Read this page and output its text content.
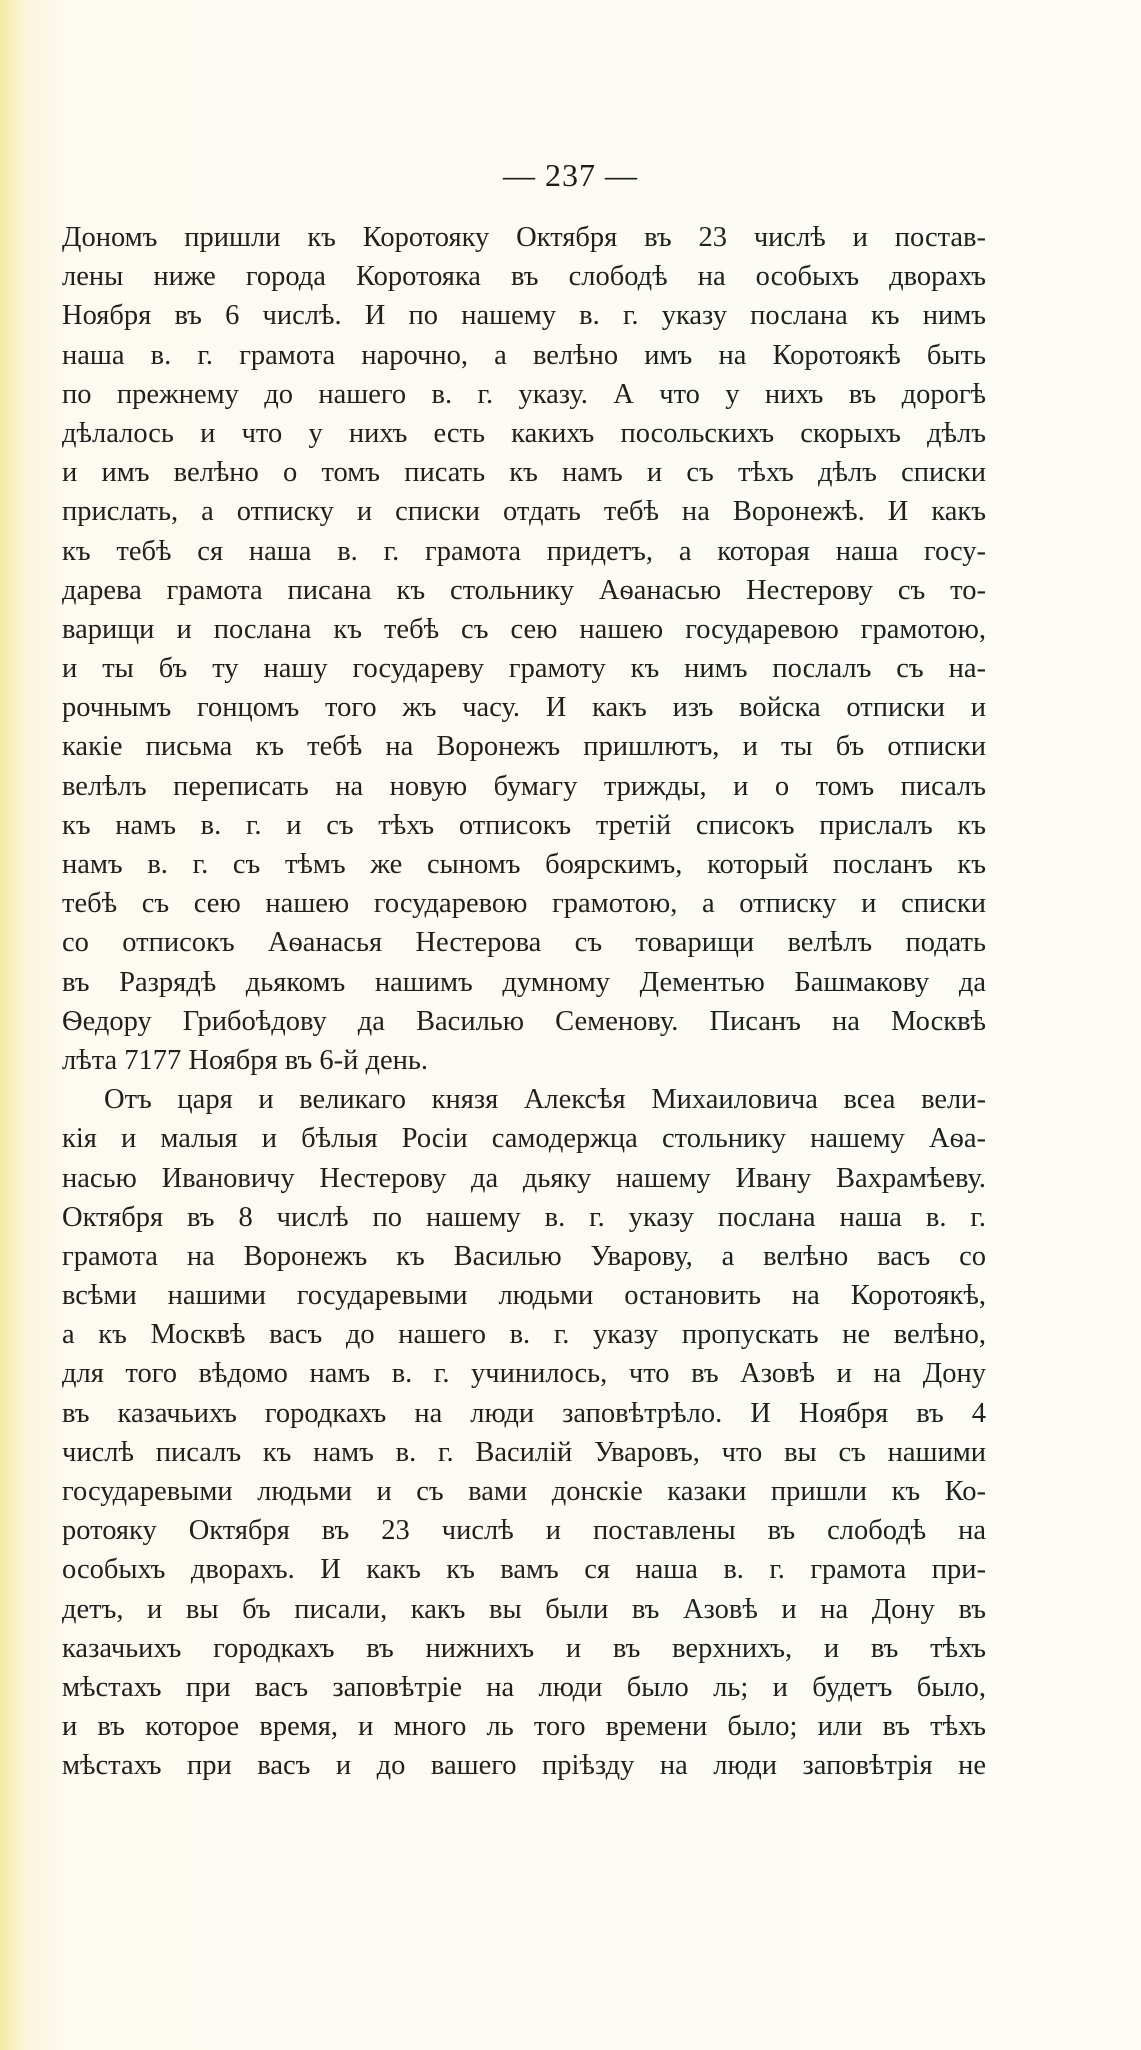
— 237 —
Дономъ пришли къ Коротояку Октября въ 23 числѣ и постав-
лены ниже города Коротояка въ слободѣ на особыхъ дворахъ
Ноября въ 6 числѣ. И по нашему в. г. указу послана къ нимъ
наша в. г. грамота нарочно, а велѣно имъ на Коротоякѣ быть
по прежнему до нашего в. г. указу. А что у нихъ въ дорогѣ
дѣлалось и что у нихъ есть какихъ посольскихъ скорыхъ дѣлъ
и имъ велѣно о томъ писать къ намъ и съ тѣхъ дѣлъ списки
прислать, а отписку и списки отдать тебѣ на Воронежѣ. И какъ
къ тебѣ ся наша в. г. грамота придетъ, а которая наша госу-
дарева грамота писана къ стольнику Аѳанасью Нестерову съ то-
варищи и послана къ тебѣ съ сею нашею государевою грамотою,
и ты бъ ту нашу государеву грамоту къ нимъ послалъ съ на-
рочнымъ гонцомъ того жъ часу. И какъ изъ войска отписки и
какіе письма къ тебѣ на Воронежъ пришлютъ, и ты бъ отписки
велѣлъ переписать на новую бумагу трижды, и о томъ писалъ
къ намъ в. г. и съ тѣхъ отписокъ третій списокъ прислалъ къ
намъ в. г. съ тѣмъ же сыномъ боярскимъ, который посланъ къ
тебѣ съ сею нашею государевою грамотою, а отписку и списки
со отписокъ Аѳанасья Нестерова съ товарищи велѣлъ подать
въ Разрядѣ дьякомъ нашимъ думному Дементью Башмакову да
Ѳедору Грибоѣдову да Василью Семенову. Писанъ на Москвѣ
лѣта 7177 Ноября въ 6-й день.
Отъ царя и великаго князя Алексѣя Михаиловича всеа вели-
кія и малыя и бѣлыя Росіи самодержца стольнику нашему Аѳа-
насью Ивановичу Нестерову да дьяку нашему Ивану Вахрамѣеву.
Октября въ 8 числѣ по нашему в. г. указу послана наша в. г.
грамота на Воронежъ къ Василью Уварову, а велѣно васъ со
всѣми нашими государевыми людьми остановить на Коротоякѣ,
а къ Москвѣ васъ до нашего в. г. указу пропускать не велѣно,
для того вѣдомо намъ в. г. учинилось, что въ Азовѣ и на Дону
въ казачьихъ городкахъ на люди заповѣтрѣло. И Ноября въ 4
числѣ писалъ къ намъ в. г. Василій Уваровъ, что вы съ нашими
государевыми людьми и съ вами донскіе казаки пришли къ Ко-
ротояку Октября въ 23 числѣ и поставлены въ слободѣ на
особыхъ дворахъ. И какъ къ вамъ ся наша в. г. грамота при-
детъ, и вы бъ писали, какъ вы были въ Азовѣ и на Дону въ
казачьихъ городкахъ въ нижнихъ и въ верхнихъ, и въ тѣхъ
мѣстахъ при васъ заповѣтріе на люди было ль; и будетъ было,
и въ которое время, и много ль того времени было; или въ тѣхъ
мѣстахъ при васъ и до вашего пріѣзду на люди заповѣтрія не
